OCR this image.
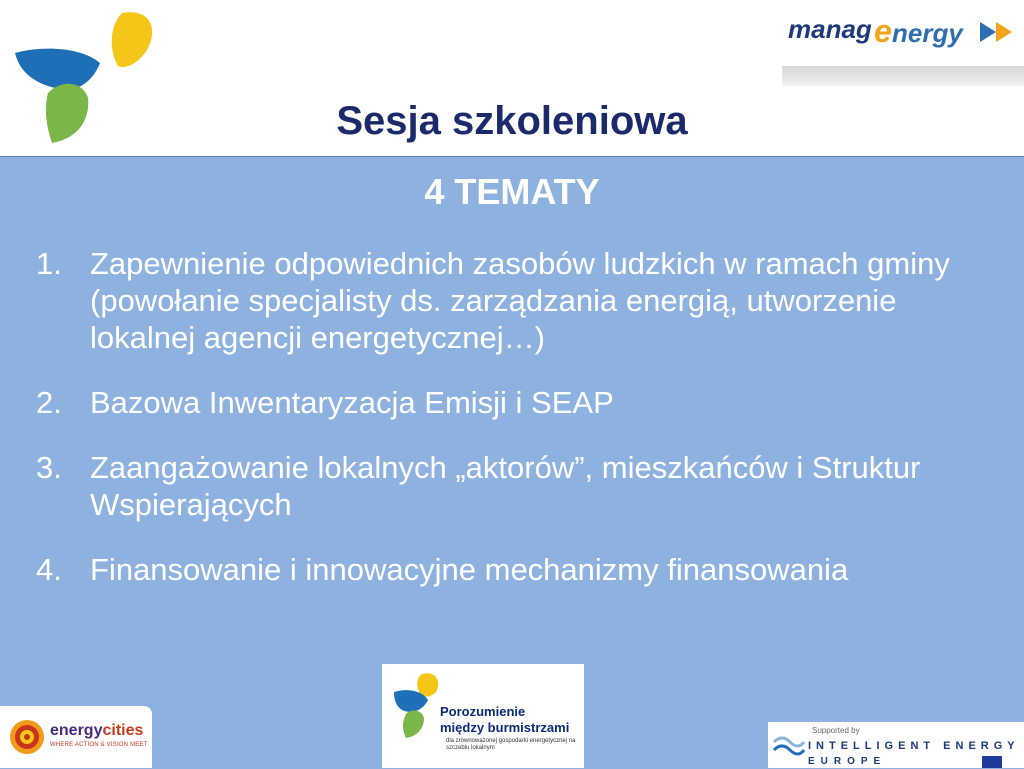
manag e nergy
Sesja szkoleniowa
4 TEMATY
1. Zapewnienie odpowiednich zasobów ludzkich w ramach gminy (powołanie specjalisty ds. zarządzania energią, utworzenie lokalnej agencji energetycznej…)
2. Bazowa Inwentaryzacja Emisji i SEAP
3. Zaangażowanie lokalnych „aktorów”, mieszkańców i Struktur Wspierających
4. Finansowanie i innowacyjne mechanizmy finansowania
energycities
WHERE ACTION & VISION MEET
Porozumienie
między burmistrzami
dla zrównoważonej gospodarki energetycznej na szczeblu lokalnym
Supported by
INTELLIGENT ENERGY
EUROPE
